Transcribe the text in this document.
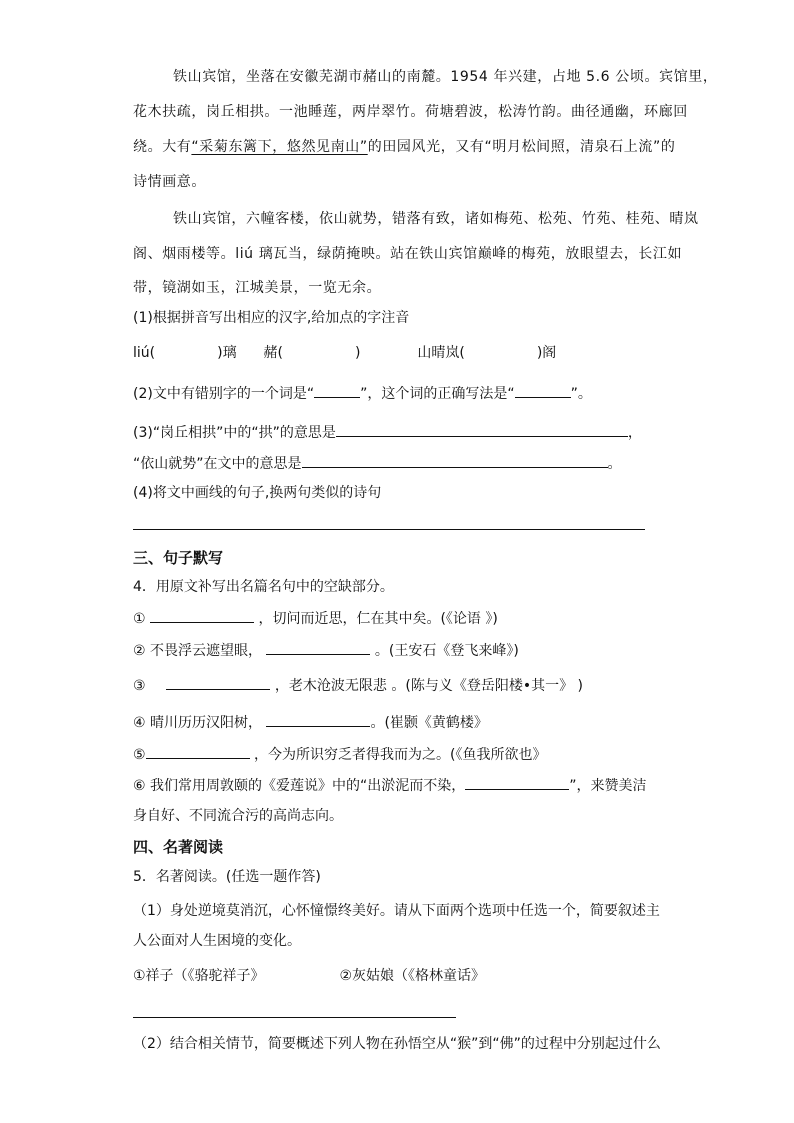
铁山宾馆，坐落在安徽芜湖市赭山的南麓。1954 年兴建，占地 5.6 公顷。宾馆里，
花木扶疏，岗丘相拱。一池睡莲，两岸翠竹。荷塘碧波，松涛竹韵。曲径通幽，环廊回
绕。大有“采菊东篱下，悠然见南山”的田园风光，又有“明月松间照，清泉石上流”的
诗情画意。
铁山宾馆，六幢客楼，依山就势，错落有致，诸如梅苑、松苑、竹苑、桂苑、晴岚
阁、烟雨楼等。liú 璃瓦当，绿荫掩映。站在铁山宾馆巅峰的梅苑，放眼望去，长江如
带，镜湖如玉，江城美景，一览无余。
(1)根据拼音写出相应的汉字,给加点的字注音
liú(	)璃 赭(	)	山晴岚(	)阁
(2)文中有错别字的一个词是“	”，这个词的正确写法是“	”。
(3)“岗丘相拱”中的“拱”的意思是	，
“依山就势”在文中的意思是	。
(4)将文中画线的句子,换两句类似的诗句
三、句子默写
4．用原文补写出名篇名句中的空缺部分。
①	，切问而近思，仁在其中矣。(《论语 》)
② 不畏浮云遮望眼，	。(王安石《登飞来峰》)
③	，老木沧波无限悲 。(陈与义《登岳阳楼•其一》 )
④ 晴川历历汉阳树，	。(崔颢《黄鹤楼》
⑤	，今为所识穷乏者得我而为之。(《鱼我所欲也》
⑥ 我们常用周敦颐的《爱莲说》中的“出淤泥而不染，	”，来赞美洁
身自好、不同流合污的高尚志向。
四、名著阅读
5．名著阅读。(任选一题作答)
（1）身处逆境莫消沉，心怀憧憬终美好。请从下面两个选项中任选一个，简要叙述主
人公面对人生困境的变化。
①祥子（《骆驼祥子》	②灰姑娘（《格林童话》
（2）结合相关情节，简要概述下列人物在孙悟空从“猴”到“佛”的过程中分别起过什么
